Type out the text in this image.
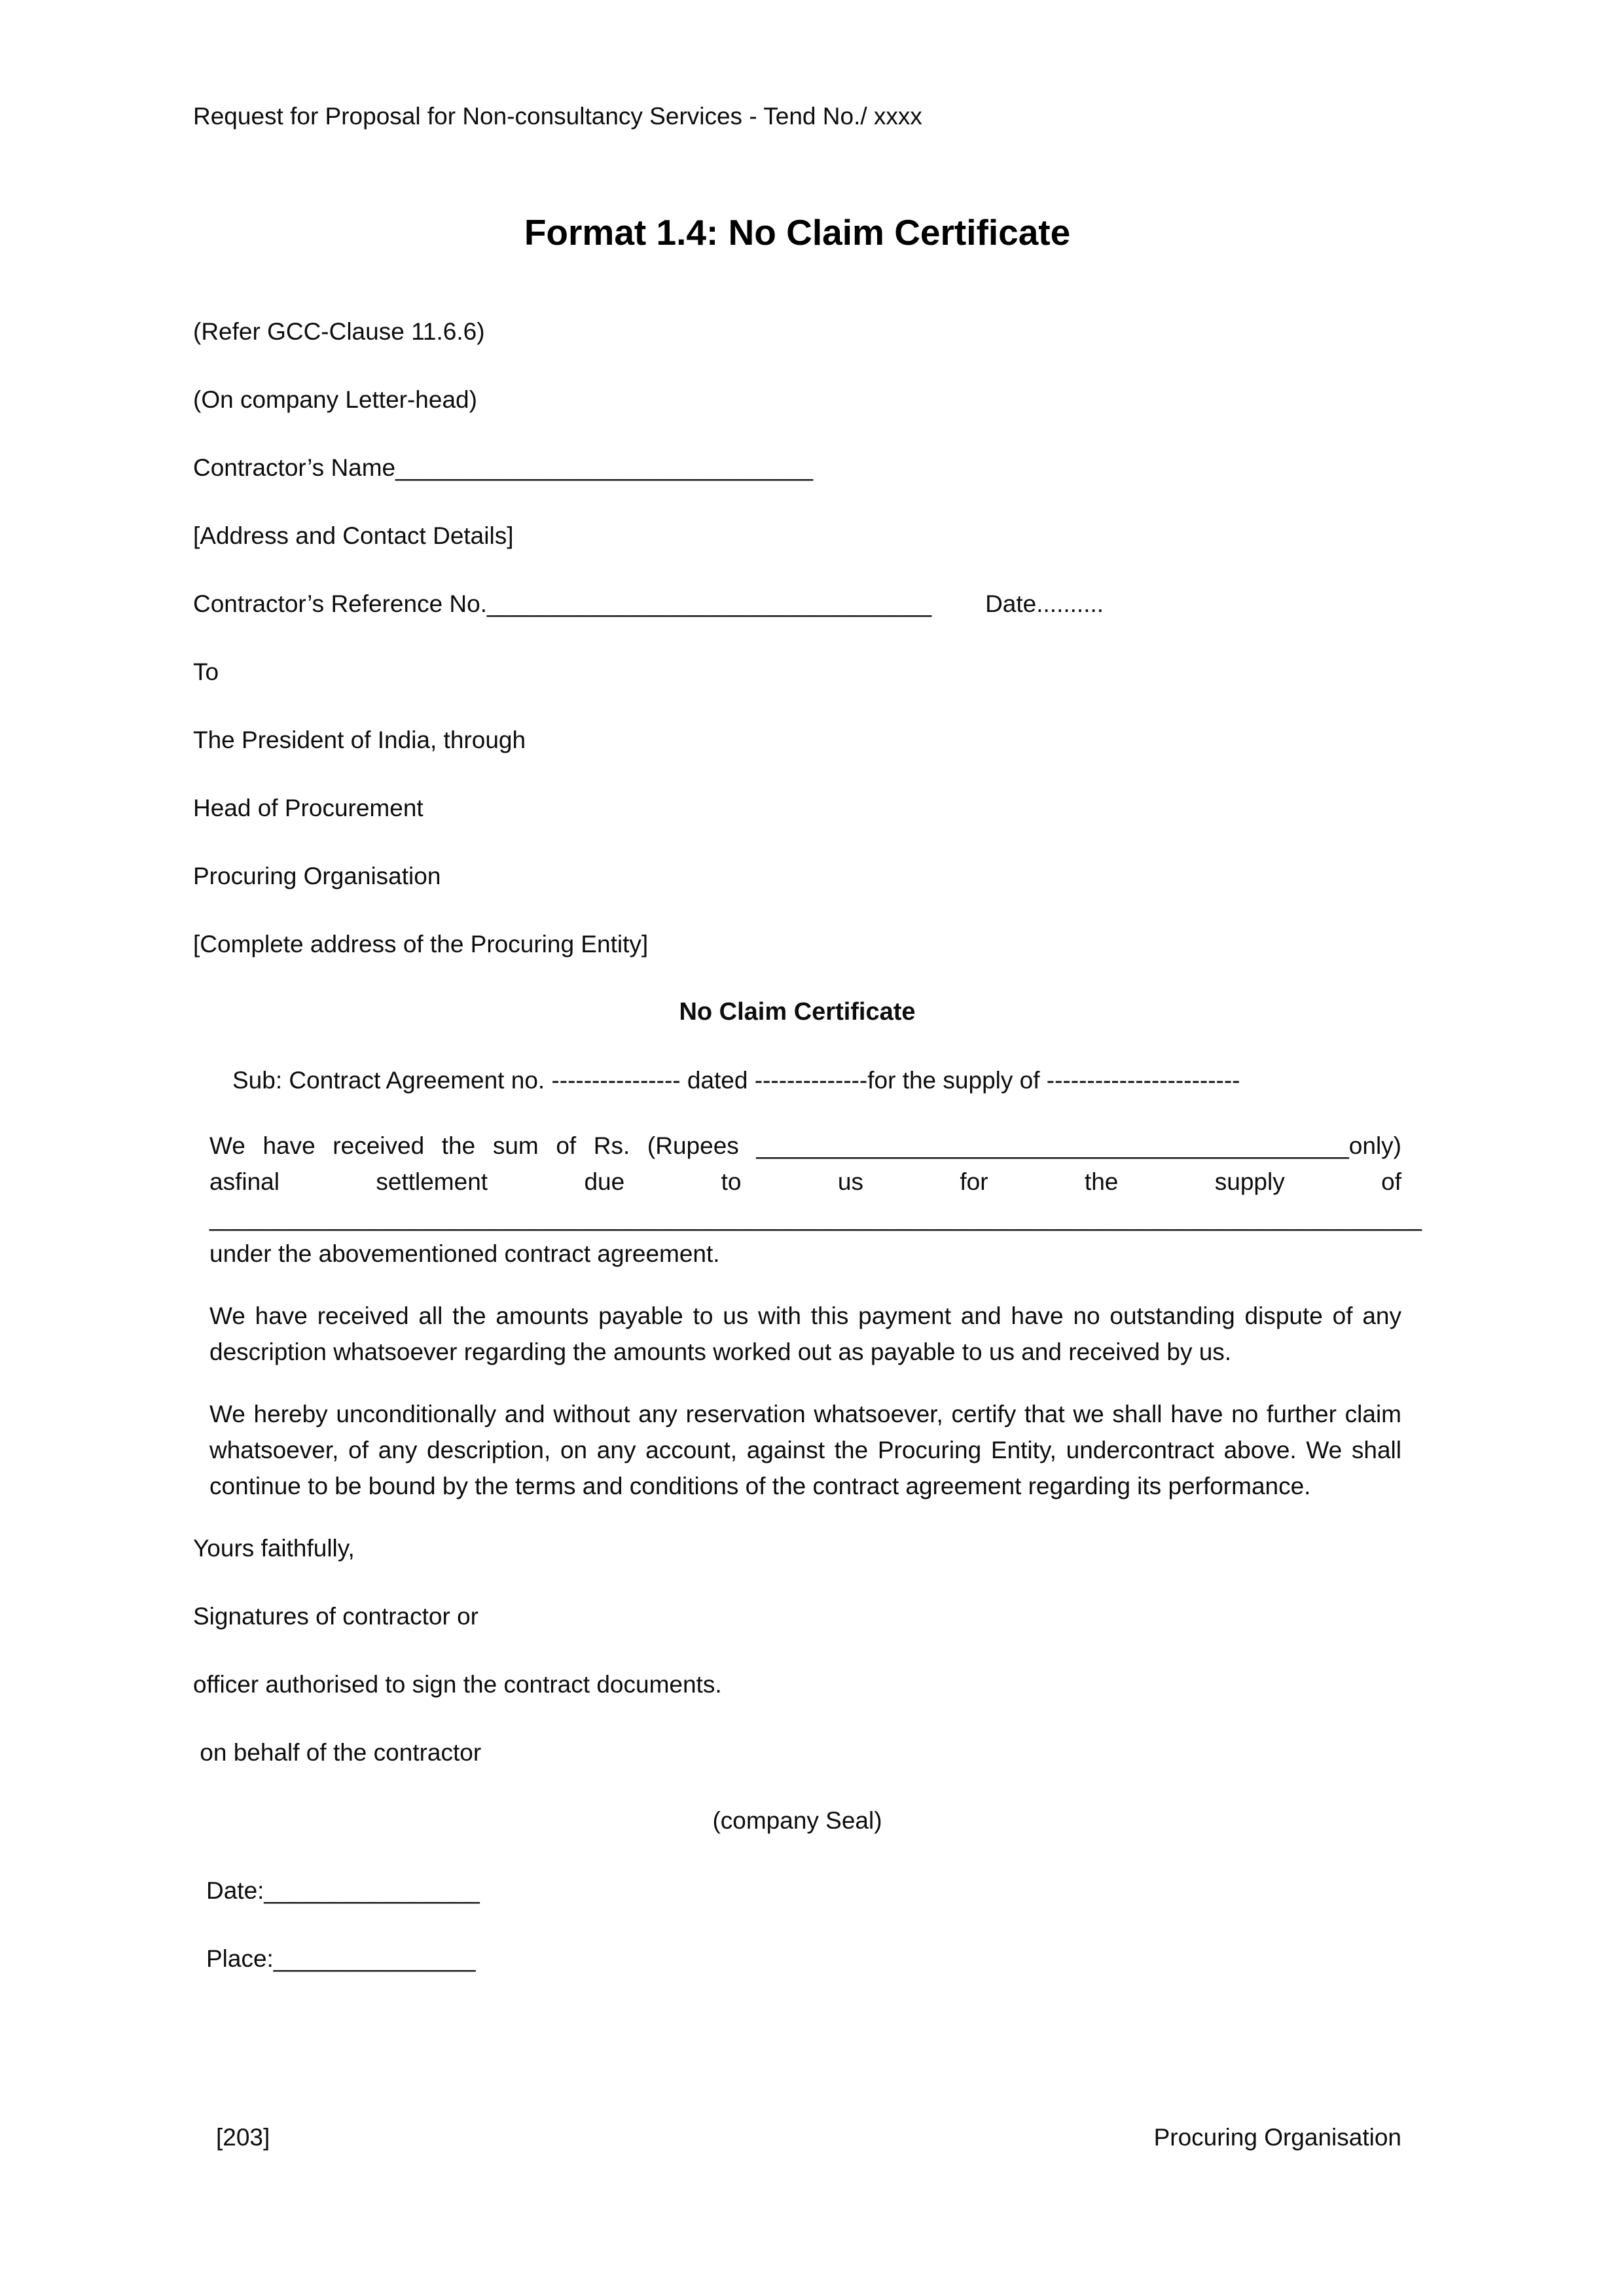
Request for Proposal for Non-consultancy Services - Tend No./ xxxx
Format 1.4: No Claim Certificate
(Refer GCC-Clause 11.6.6)
(On company Letter-head)
Contractor’s Name_______________________________
[Address and Contact Details]
Contractor’s Reference No._________________________________ Date..........
To
The President of India, through
Head of Procurement
Procuring Organisation
[Complete address of the Procuring Entity]
No Claim Certificate
Sub: Contract Agreement no. ---------------- dated --------------for the supply of ------------------------
We have received the sum of Rs. (Rupees ____________________________________________only)
asfinal settlement due to us for the supply of
__________________________________________________________________________________________
under the abovementioned contract agreement.
We have received all the amounts payable to us with this payment and have no outstanding dispute of any description whatsoever regarding the amounts worked out as payable to us and received by us.
We hereby unconditionally and without any reservation whatsoever, certify that we shall have no further claim whatsoever, of any description, on any account, against the Procuring Entity, undercontract above. We shall continue to be bound by the terms and conditions of the contract agreement regarding its performance.
Yours faithfully,
Signatures of contractor or
officer authorised to sign the contract documents.
on behalf of the contractor
(company Seal)
Date:________________
Place:_______________
[203]	Procuring Organisation
